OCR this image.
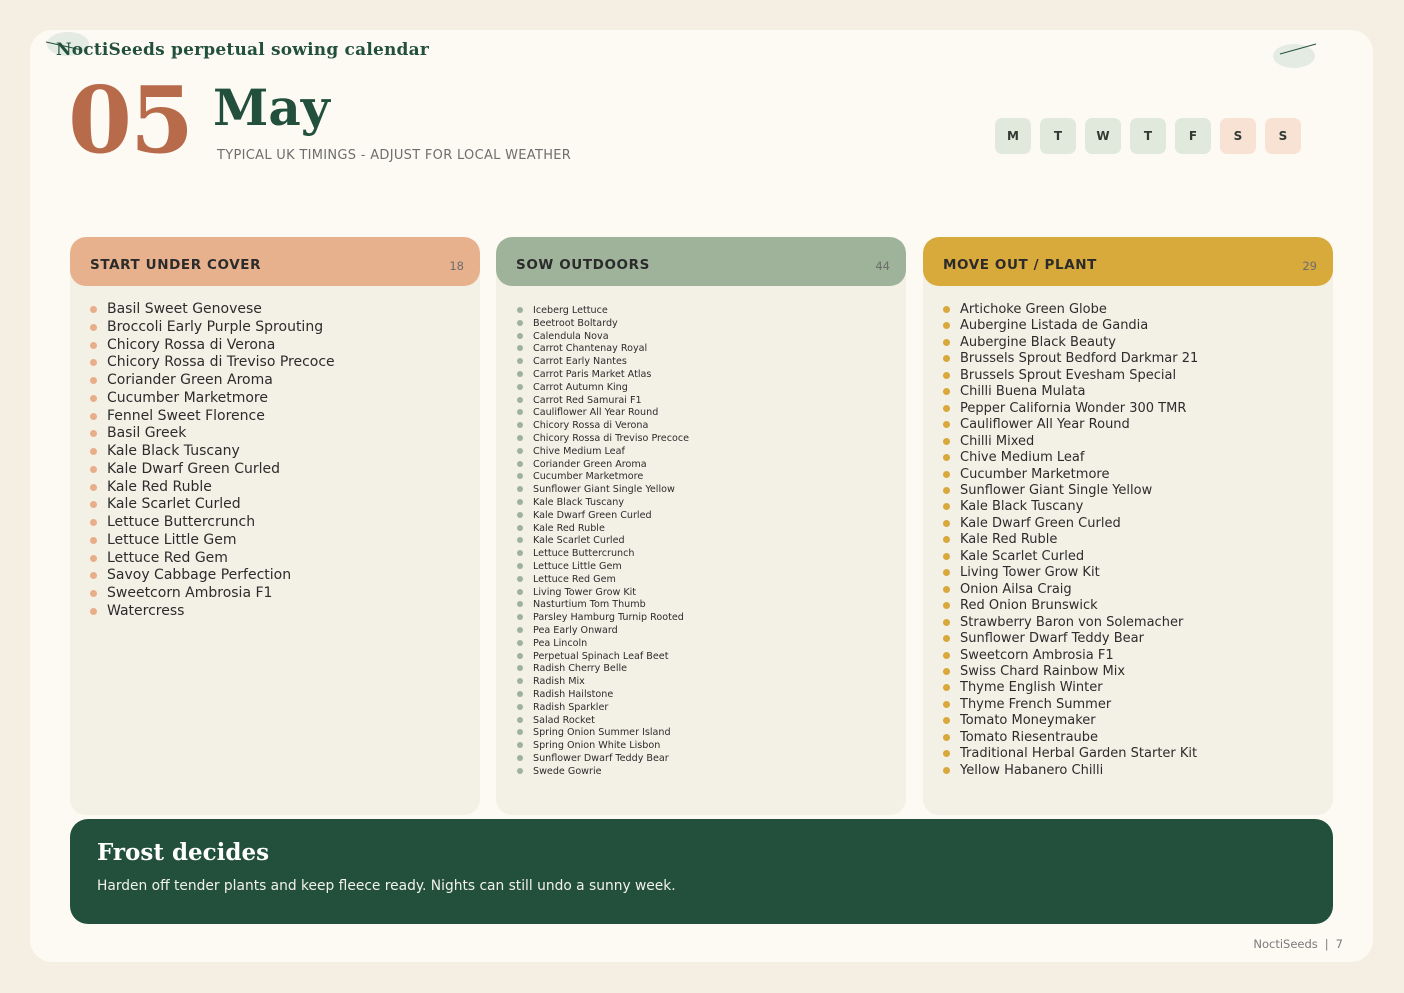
NoctiSeeds perpetual sowing calendar
05 May
TYPICAL UK TIMINGS - ADJUST FOR LOCAL WEATHER
M	T	W	T	F	S	S
START UNDER COVER	18
Basil Sweet Genovese
Broccoli Early Purple Sprouting
Chicory Rossa di Verona
Chicory Rossa di Treviso Precoce
Coriander Green Aroma
Cucumber Marketmore
Fennel Sweet Florence
Basil Greek
Kale Black Tuscany
Kale Dwarf Green Curled
Kale Red Ruble
Kale Scarlet Curled
Lettuce Buttercrunch
Lettuce Little Gem
Lettuce Red Gem
Savoy Cabbage Perfection
Sweetcorn Ambrosia F1
Watercress
SOW OUTDOORS	44
Iceberg Lettuce
Beetroot Boltardy
Calendula Nova
Carrot Chantenay Royal
Carrot Early Nantes
Carrot Paris Market Atlas
Carrot Autumn King
Carrot Red Samurai F1
Cauliflower All Year Round
Chicory Rossa di Verona
Chicory Rossa di Treviso Precoce
Chive Medium Leaf
Coriander Green Aroma
Cucumber Marketmore
Sunflower Giant Single Yellow
Kale Black Tuscany
Kale Dwarf Green Curled
Kale Red Ruble
Kale Scarlet Curled
Lettuce Buttercrunch
Lettuce Little Gem
Lettuce Red Gem
Living Tower Grow Kit
Nasturtium Tom Thumb
Parsley Hamburg Turnip Rooted
Pea Early Onward
Pea Lincoln
Perpetual Spinach Leaf Beet
Radish Cherry Belle
Radish Mix
Radish Hailstone
Radish Sparkler
Salad Rocket
Spring Onion Summer Island
Spring Onion White Lisbon
Sunflower Dwarf Teddy Bear
Swede Gowrie
MOVE OUT / PLANT	29
Artichoke Green Globe
Aubergine Listada de Gandia
Aubergine Black Beauty
Brussels Sprout Bedford Darkmar 21
Brussels Sprout Evesham Special
Chilli Buena Mulata
Pepper California Wonder 300 TMR
Cauliflower All Year Round
Chilli Mixed
Chive Medium Leaf
Cucumber Marketmore
Sunflower Giant Single Yellow
Kale Black Tuscany
Kale Dwarf Green Curled
Kale Red Ruble
Kale Scarlet Curled
Living Tower Grow Kit
Onion Ailsa Craig
Red Onion Brunswick
Strawberry Baron von Solemacher
Sunflower Dwarf Teddy Bear
Sweetcorn Ambrosia F1
Swiss Chard Rainbow Mix
Thyme English Winter
Thyme French Summer
Tomato Moneymaker
Tomato Riesentraube
Traditional Herbal Garden Starter Kit
Yellow Habanero Chilli
Frost decides
Harden off tender plants and keep fleece ready. Nights can still undo a sunny week.
NoctiSeeds | 7
